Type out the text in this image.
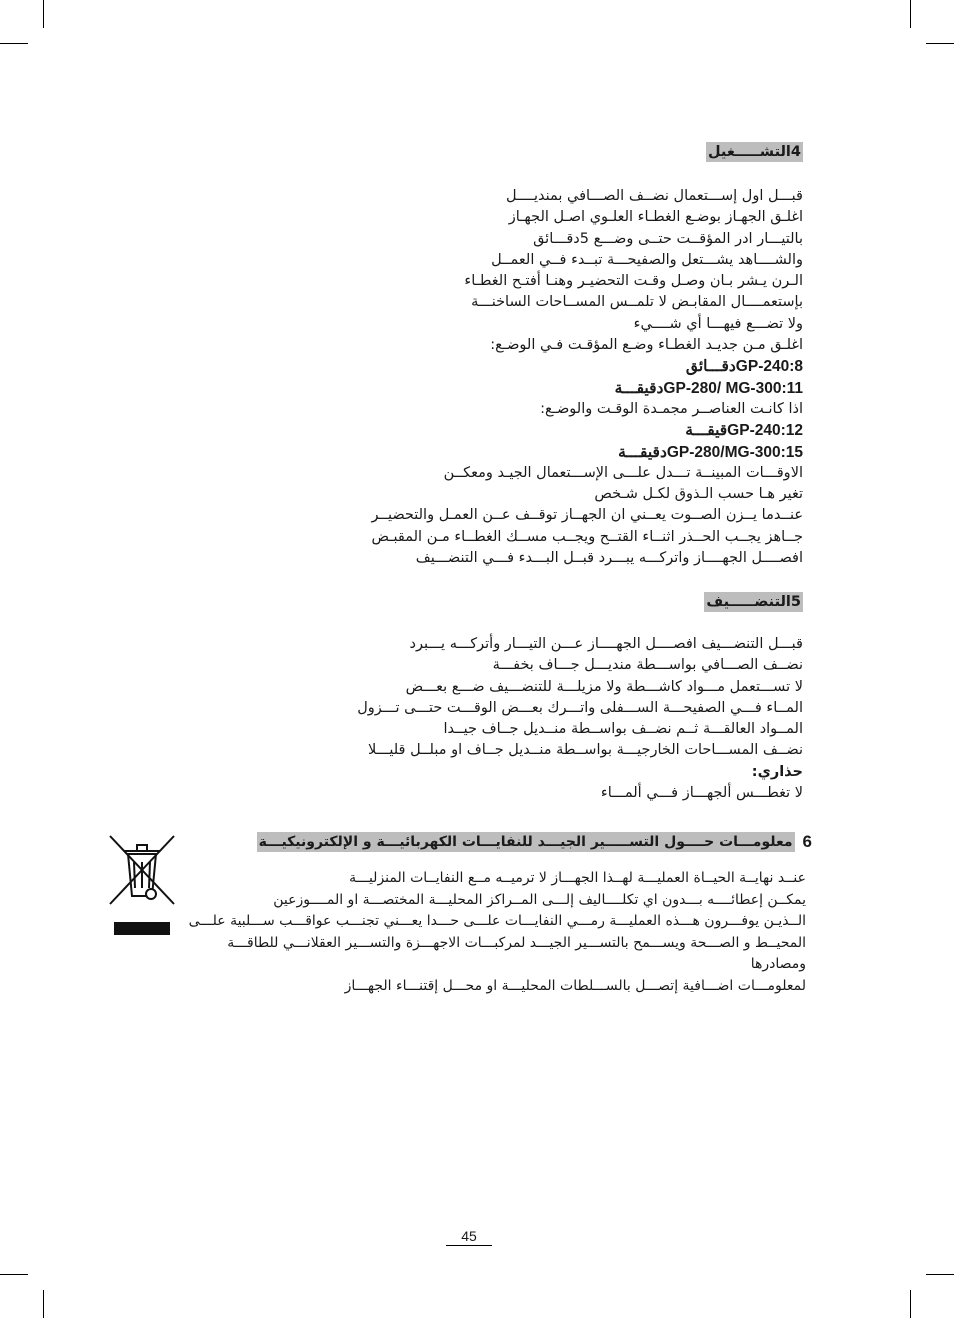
4التشـــــغيل
قبـــل اول إســـتعمال نضــف الصـــافي بمنديــــل
اغلـق الجهـاز بوضـع الغطـاء العلـوي اصـل الجهـاز
بالتيـــار ادر المؤقــت حتــى وضـــع 5دقـــائق
والشــــاهد يشـــتعل والصفيحـــة تبــدء فــي العمــل
الـرن يـشر بـان وصـل وقـت التحضيـر وهنـا أفتـح الغطـاء
بإستعمــــال المقابـض لا تلمــس المســاحات الساخنـــة
ولا تضـــع فيهـــا أي شــــيء
اغلـق مـن جديـد الغطـاء وضـع المؤقـت فـي الوضـع:
GP-240:8دقـــائق
GP-280/ MG-300:11دقيقـــة
اذا كانـت العناصــر مجمـدة الوقـت والوضـع:
GP-240:12قيقـــة
GP-280/MG-300:15دقيقـــة
الاوقـــات المبينــة تـــدل علـــى الإســـتعمال الجيـد ومعكــن
تغير هـا حسب الـذوق لكـل شـخص
عنــدما يــزن الصــوت يعــني ان الجهــاز توقــف عــن العمـل والتحضيــر
جــاهز يجــب الحــذر اثنــاء القتــح ويجــب مســك الغطــاء مـن المقبـض
افصــــل الجهــــاز واتركـــه يبـــرد قبــل البـــدء فـــي التنضـــيف
5التنضـــــيف
قبـــل التنضـــيف افصــــل الجهــــاز عـــن التيـــار وأتركـــه يـــبرد
نضــف الصـــافي بواســـطة منديـــل جـــاف بخفـــة
لا تســـتعمل مـــواد كاشـــطة ولا مزيلـــة للتنضـــيف ضـــع بعـــض
المــاء فـــي الصفيحـــة الســـفلى واتـــرك بعـــض الوقـــت حتـــى تـــزول
المــواد العالقـــة ثــم نضــف بواســطة منــديل جــاف جيــدا
نضــف المســـاحات الخارجيـــة بواســطة منــديل جــاف او مبلــل قليـــلا
حذاري:
لا تغطـــس ألجهـــاز فـــي ألمـــاء
6
معلومـــات حــــول التســـــير الجيـــد للنفايـــات الكهربائيـــة و الإلكترونيكيـــة
عنــد نهايــة الحيــاة العمليـــة لهــذا الجهـــاز لا ترميــه مــع النفايــات المنزليـــة
يمكــن إعطائــــه بـــدون اي تكلــــاليف إلـــى المــراكز المحليـــة المختصـــة او المــــوزعين
الــذيـن يوفـــرون هـــذه العمليـــة رمـــي النفايـــات علـــى حـــدا يعـــني تجنـــب عواقـــب ســـلبية علـــى
المحيــط و الصـــحة ويســـمح بالتســـير الجيـــد لمركبـــات الاجهـــزة والتســـير العقلانـــي للطاقـــة
ومصادرها
لمعلومـــات اضـــافية إتصـــل بالســـلطات المحليـــة او محـــل إقتنـــاء الجهـــاز
45
